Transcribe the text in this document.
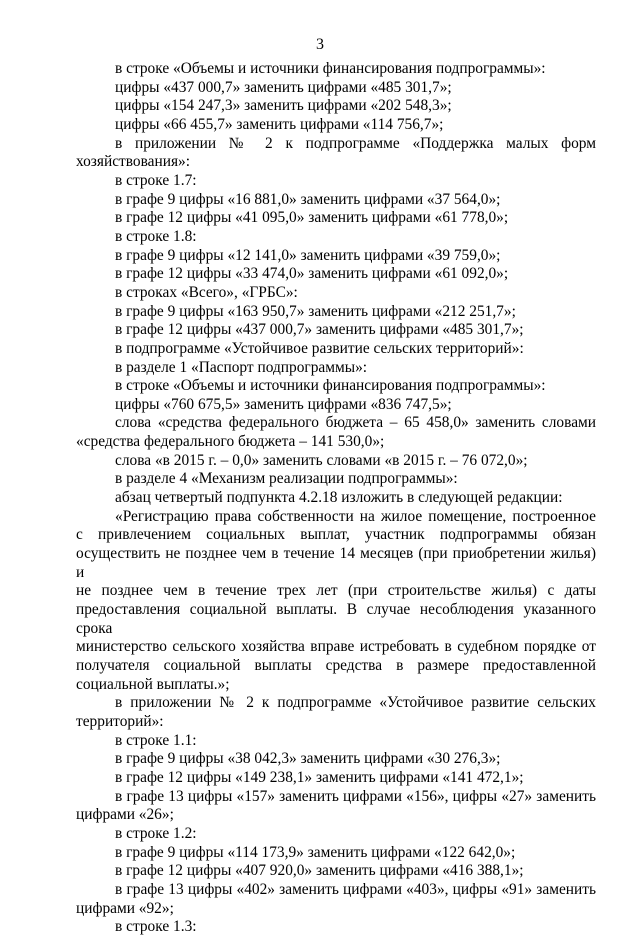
3
в строке «Объемы и источники финансирования подпрограммы»:
цифры «437 000,7» заменить цифрами «485 301,7»;
цифры «154 247,3» заменить цифрами «202 548,3»;
цифры «66 455,7» заменить цифрами «114 756,7»;
в приложении № 2 к подпрограмме «Поддержка малых форм
хозяйствования»:
в строке 1.7:
в графе 9 цифры «16 881,0» заменить цифрами «37 564,0»;
в графе 12 цифры «41 095,0» заменить цифрами «61 778,0»;
в строке 1.8:
в графе 9 цифры «12 141,0» заменить цифрами «39 759,0»;
в графе 12 цифры «33 474,0» заменить цифрами «61 092,0»;
в строках «Всего», «ГРБС»:
в графе 9 цифры «163 950,7» заменить цифрами «212 251,7»;
в графе 12 цифры «437 000,7» заменить цифрами «485 301,7»;
в подпрограмме «Устойчивое развитие сельских территорий»:
в разделе 1 «Паспорт подпрограммы»:
в строке «Объемы и источники финансирования подпрограммы»:
цифры «760 675,5» заменить цифрами «836 747,5»;
слова «средства федерального бюджета – 65 458,0» заменить словами
«средства федерального бюджета – 141 530,0»;
слова «в 2015 г. – 0,0» заменить словами «в 2015 г. – 76 072,0»;
в разделе 4 «Механизм реализации подпрограммы»:
абзац четвертый подпункта 4.2.18 изложить в следующей редакции:
«Регистрацию права собственности на жилое помещение, построенное
с привлечением социальных выплат, участник подпрограммы обязан
осуществить не позднее чем в течение 14 месяцев (при приобретении жилья) и
не позднее чем в течение трех лет (при строительстве жилья) с даты
предоставления социальной выплаты. В случае несоблюдения указанного срока
министерство сельского хозяйства вправе истребовать в судебном порядке от
получателя социальной выплаты средства в размере предоставленной
социальной выплаты.»;
в приложении № 2 к подпрограмме «Устойчивое развитие сельских
территорий»:
в строке 1.1:
в графе 9 цифры «38 042,3» заменить цифрами «30 276,3»;
в графе 12 цифры «149 238,1» заменить цифрами «141 472,1»;
в графе 13 цифры «157» заменить цифрами «156», цифры «27» заменить
цифрами «26»;
в строке 1.2:
в графе 9 цифры «114 173,9» заменить цифрами «122 642,0»;
в графе 12 цифры «407 920,0» заменить цифрами «416 388,1»;
в графе 13 цифры «402» заменить цифрами «403», цифры «91» заменить
цифрами «92»;
в строке 1.3:
